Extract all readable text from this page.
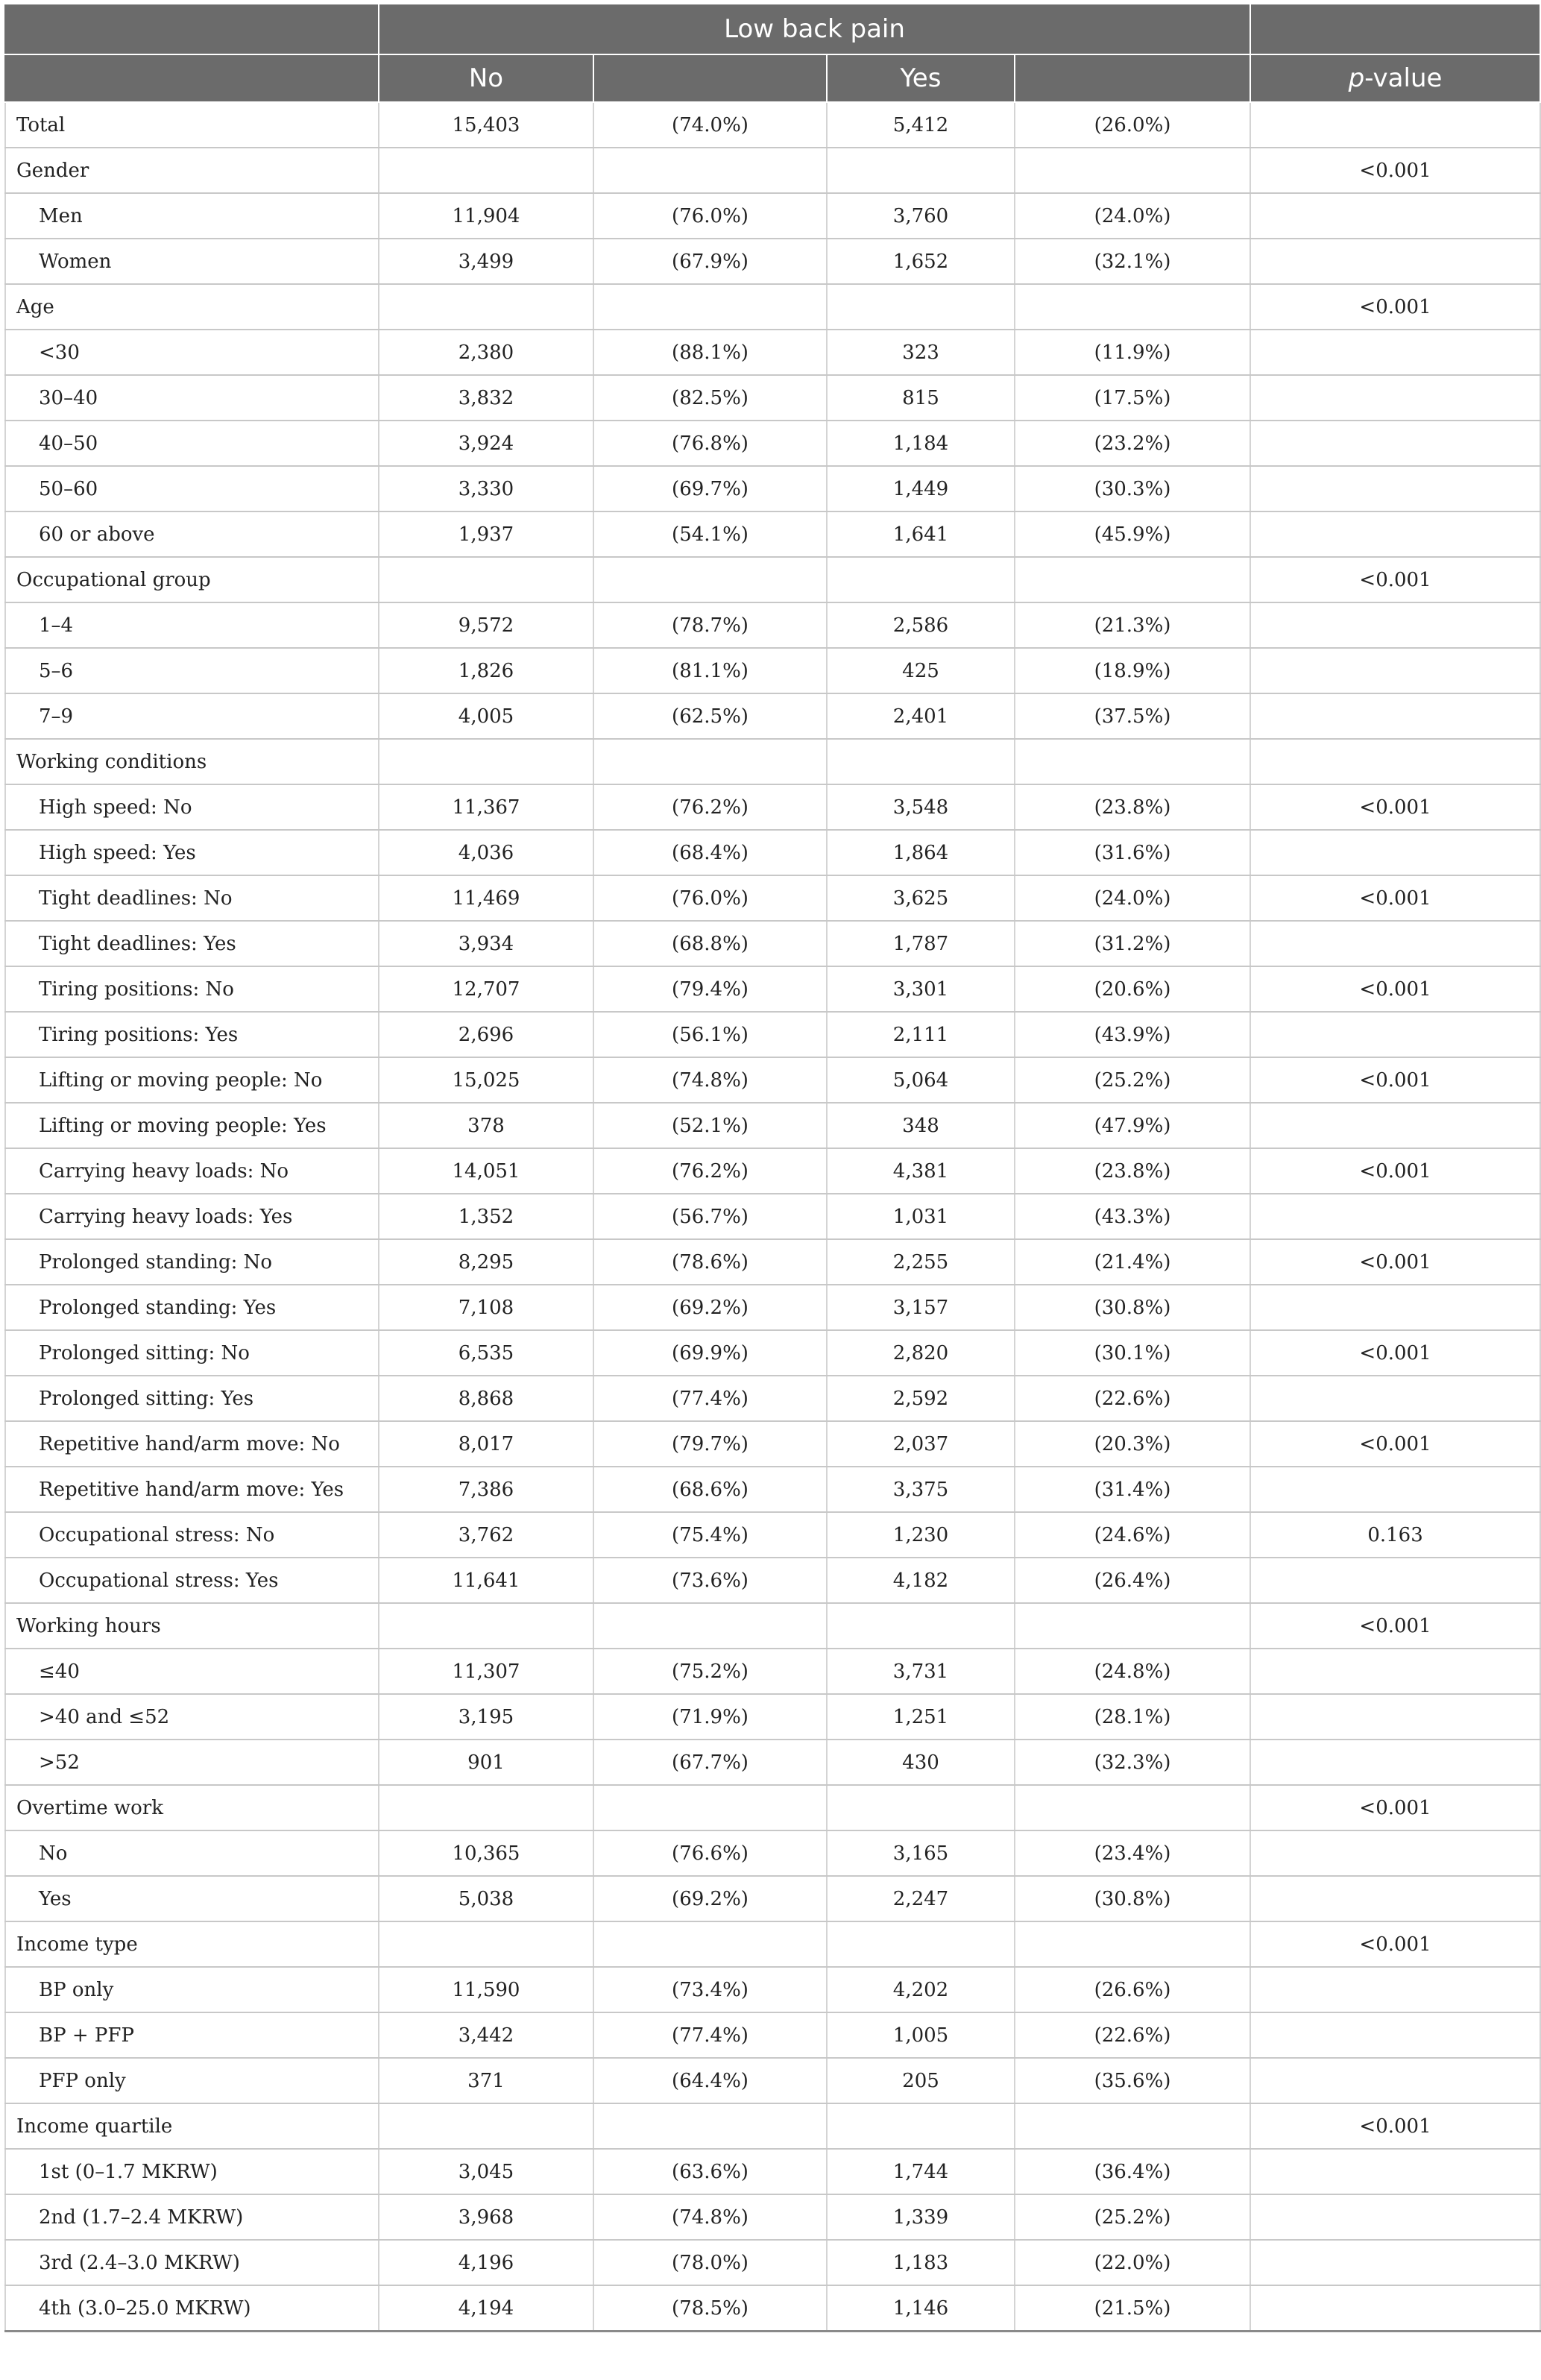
	Low back pain				
	No		Yes		p-value
Total	15,403	(74.0%)	5,412	(26.0%)	
Gender					<0.001
Men	11,904	(76.0%)	3,760	(24.0%)	
Women	3,499	(67.9%)	1,652	(32.1%)	
Age					<0.001
<30	2,380	(88.1%)	323	(11.9%)	
30–40	3,832	(82.5%)	815	(17.5%)	
40–50	3,924	(76.8%)	1,184	(23.2%)	
50–60	3,330	(69.7%)	1,449	(30.3%)	
60 or above	1,937	(54.1%)	1,641	(45.9%)	
Occupational group					<0.001
1–4	9,572	(78.7%)	2,586	(21.3%)	
5–6	1,826	(81.1%)	425	(18.9%)	
7–9	4,005	(62.5%)	2,401	(37.5%)	
Working conditions					
High speed: No	11,367	(76.2%)	3,548	(23.8%)	<0.001
High speed: Yes	4,036	(68.4%)	1,864	(31.6%)	
Tight deadlines: No	11,469	(76.0%)	3,625	(24.0%)	<0.001
Tight deadlines: Yes	3,934	(68.8%)	1,787	(31.2%)	
Tiring positions: No	12,707	(79.4%)	3,301	(20.6%)	<0.001
Tiring positions: Yes	2,696	(56.1%)	2,111	(43.9%)	
Lifting or moving people: No	15,025	(74.8%)	5,064	(25.2%)	<0.001
Lifting or moving people: Yes	378	(52.1%)	348	(47.9%)	
Carrying heavy loads: No	14,051	(76.2%)	4,381	(23.8%)	<0.001
Carrying heavy loads: Yes	1,352	(56.7%)	1,031	(43.3%)	
Prolonged standing: No	8,295	(78.6%)	2,255	(21.4%)	<0.001
Prolonged standing: Yes	7,108	(69.2%)	3,157	(30.8%)	
Prolonged sitting: No	6,535	(69.9%)	2,820	(30.1%)	<0.001
Prolonged sitting: Yes	8,868	(77.4%)	2,592	(22.6%)	
Repetitive hand/arm move: No	8,017	(79.7%)	2,037	(20.3%)	<0.001
Repetitive hand/arm move: Yes	7,386	(68.6%)	3,375	(31.4%)	
Occupational stress: No	3,762	(75.4%)	1,230	(24.6%)	0.163
Occupational stress: Yes	11,641	(73.6%)	4,182	(26.4%)	
Working hours					<0.001
≤40	11,307	(75.2%)	3,731	(24.8%)	
>40 and ≤52	3,195	(71.9%)	1,251	(28.1%)	
>52	901	(67.7%)	430	(32.3%)	
Overtime work					<0.001
No	10,365	(76.6%)	3,165	(23.4%)	
Yes	5,038	(69.2%)	2,247	(30.8%)	
Income type					<0.001
BP only	11,590	(73.4%)	4,202	(26.6%)	
BP + PFP	3,442	(77.4%)	1,005	(22.6%)	
PFP only	371	(64.4%)	205	(35.6%)	
Income quartile					<0.001
1st (0–1.7 MKRW)	3,045	(63.6%)	1,744	(36.4%)	
2nd (1.7–2.4 MKRW)	3,968	(74.8%)	1,339	(25.2%)	
3rd (2.4–3.0 MKRW)	4,196	(78.0%)	1,183	(22.0%)	
4th (3.0–25.0 MKRW)	4,194	(78.5%)	1,146	(21.5%)	
